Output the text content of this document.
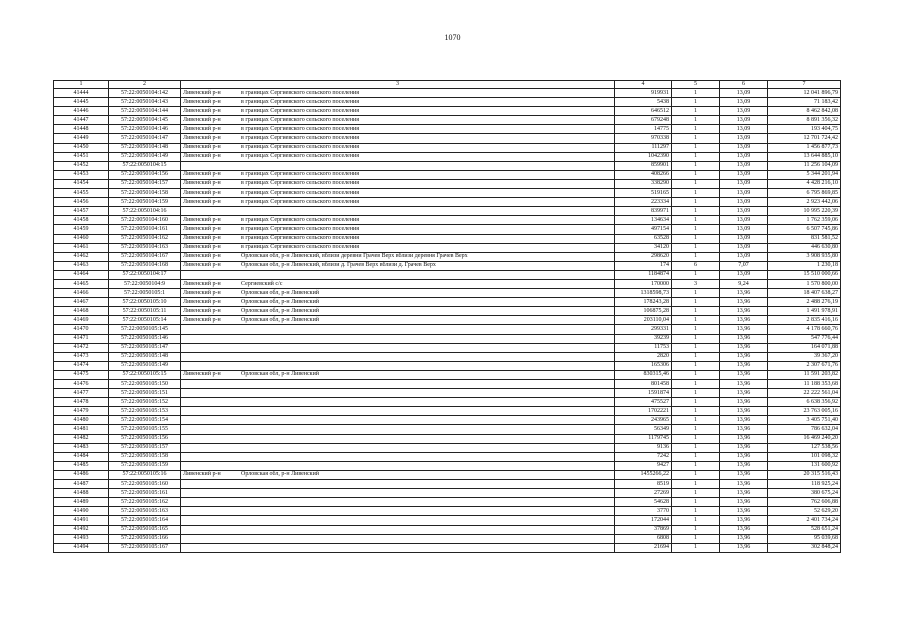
1070
1	2	3	4	5	6	7
41444	57:22:0050104:142	Ливенский р-н в границах Сергиевского сельского поселения	919931	1	13,09	12 041 896,79
41445	57:22:0050104:143	Ливенский р-н в границах Сергиевского сельского поселения	5438	1	13,09	71 183,42
41446	57:22:0050104:144	Ливенский р-н в границах Сергиевского сельского поселения	646512	1	13,09	8 462 842,08
41447	57:22:0050104:145	Ливенский р-н в границах Сергиевского сельского поселения	679248	1	13,09	8 891 356,32
41448	57:22:0050104:146	Ливенский р-н в границах Сергиевского сельского поселения	14775	1	13,09	193 404,75
41449	57:22:0050104:147	Ливенский р-н в границах Сергиевского сельского поселения	970338	1	13,09	12 701 724,42
41450	57:22:0050104:148	Ливенский р-н в границах Сергиевского сельского поселения	111297	1	13,09	1 456 877,73
41451	57:22:0050104:149	Ливенский р-н в границах Сергиевского сельского поселения	1042390	1	13,09	13 644 885,10
41452	57:22:0050104:15		859901	1	13,09	11 256 104,09
41453	57:22:0050104:156	Ливенский р-н в границах Сергиевского сельского поселения	408266	1	13,09	5 344 201,94
41454	57:22:0050104:157	Ливенский р-н в границах Сергиевского сельского поселения	338290	1	13,09	4 428 216,10
41455	57:22:0050104:158	Ливенский р-н в границах Сергиевского сельского поселения	519165	1	13,09	6 795 869,85
41456	57:22:0050104:159	Ливенский р-н в границах Сергиевского сельского поселения	223334	1	13,09	2 923 442,06
41457	57:22:0050104:16		839971	1	13,09	10 995 220,39
41458	57:22:0050104:160	Ливенский р-н в границах Сергиевского сельского поселения	134634	1	13,09	1 762 359,06
41459	57:22:0050104:161	Ливенский р-н в границах Сергиевского сельского поселения	497154	1	13,09	6 507 745,86
41460	57:22:0050104:162	Ливенский р-н в границах Сергиевского сельского поселения	63528	1	13,09	831 581,52
41461	57:22:0050104:163	Ливенский р-н в границах Сергиевского сельского поселения	34120	1	13,09	446 630,80
41462	57:22:0050104:167	Ливенский р-н Орловская обл, р-н Ливенский, вблизи деревни Грачев Верх вблизи деревня Грачев Верх	298620	1	13,09	3 908 935,80
41463	57:22:0050104:168	Ливенский р-н Орловская обл, р-н Ливенский, вблизи д. Грачев Верх вблизи д. Грачев Верх	174	6	7,07	1 230,18
41464	57:22:0050104:17		1184874	1	13,09	15 510 000,66
41465	57:22:0050104:9	Ливенский р-н Сергиевский с/с	170000	3	9,24	1 570 800,00
41466	57:22:0050105:1	Ливенский р-н Орловская обл, р-н Ливенский	1318598,73	1	13,96	18 407 638,27
41467	57:22:0050105:10	Ливенский р-н Орловская обл, р-н Ливенский	178243,28	1	13,96	2 488 276,19
41468	57:22:0050105:11	Ливенский р-н Орловская обл, р-н Ливенский	106875,28	1	13,96	1 491 978,91
41469	57:22:0050105:14	Ливенский р-н Орловская обл, р-н Ливенский	203110,04	1	13,96	2 835 416,16
41470	57:22:0050105:145		299331	1	13,96	4 178 660,76
41471	57:22:0050105:146		39239	1	13,96	547 776,44
41472	57:22:0050105:147		11753	1	13,96	164 071,88
41473	57:22:0050105:148		2820	1	13,96	39 367,20
41474	57:22:0050105:149		165306	1	13,96	2 307 671,76
41475	57:22:0050105:15	Ливенский р-н Орловская обл, р-н Ливенский	830315,46	1	13,96	11 591 203,82
41476	57:22:0050105:150		801458	1	13,96	11 188 353,68
41477	57:22:0050105:151		1591874	1	13,96	22 222 561,04
41478	57:22:0050105:152		475527	1	13,96	6 638 356,92
41479	57:22:0050105:153		1702221	1	13,96	23 763 005,16
41480	57:22:0050105:154		243965	1	13,96	3 405 751,40
41481	57:22:0050105:155		56349	1	13,96	786 632,04
41482	57:22:0050105:156		1179745	1	13,96	16 469 240,20
41483	57:22:0050105:157		9136	1	13,96	127 538,56
41484	57:22:0050105:158		7242	1	13,96	101 098,32
41485	57:22:0050105:159		9427	1	13,96	131 600,92
41486	57:22:0050105:16	Ливенский р-н Орловская обл, р-н Ливенский	1455266,22	1	13,96	20 315 516,43
41487	57:22:0050105:160		8519	1	13,96	118 925,24
41488	57:22:0050105:161		27269	1	13,96	380 675,24
41489	57:22:0050105:162		54628	1	13,96	762 606,88
41490	57:22:0050105:163		3770	1	13,96	52 629,20
41491	57:22:0050105:164		172044	1	13,96	2 401 734,24
41492	57:22:0050105:165		37869	1	13,96	528 651,24
41493	57:22:0050105:166		6808	1	13,96	95 039,68
41494	57:22:0050105:167		21694	1	13,96	302 848,24
